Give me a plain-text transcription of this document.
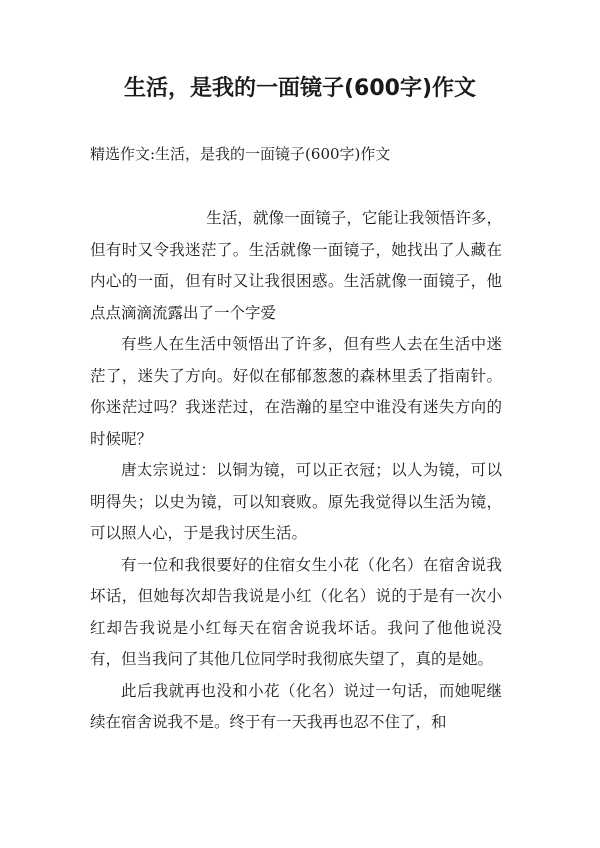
生活，是我的一面镜子(600字)作文

精选作文:生活，是我的一面镜子(600字)作文

生活，就像一面镜子，它能让我领悟许多，但有时又令我迷茫了。生活就像一面镜子，她找出了人藏在内心的一面，但有时又让我很困惑。生活就像一面镜子，他点点滴滴流露出了一个字爱

有些人在生活中领悟出了许多，但有些人去在生活中迷茫了，迷失了方向。好似在郁郁葱葱的森林里丢了指南针。你迷茫过吗？我迷茫过，在浩瀚的星空中谁没有迷失方向的时候呢？

唐太宗说过：以铜为镜，可以正衣冠；以人为镜，可以明得失；以史为镜，可以知衰败。原先我觉得以生活为镜，可以照人心，于是我讨厌生活。

有一位和我很要好的住宿女生小花（化名）在宿舍说我坏话，但她每次却告我说是小红（化名）说的于是有一次小红却告我说是小红每天在宿舍说我坏话。我问了他他说没有，但当我问了其他几位同学时我彻底失望了，真的是她。

此后我就再也没和小花（化名）说过一句话，而她呢继续在宿舍说我不是。终于有一天我再也忍不住了，和
